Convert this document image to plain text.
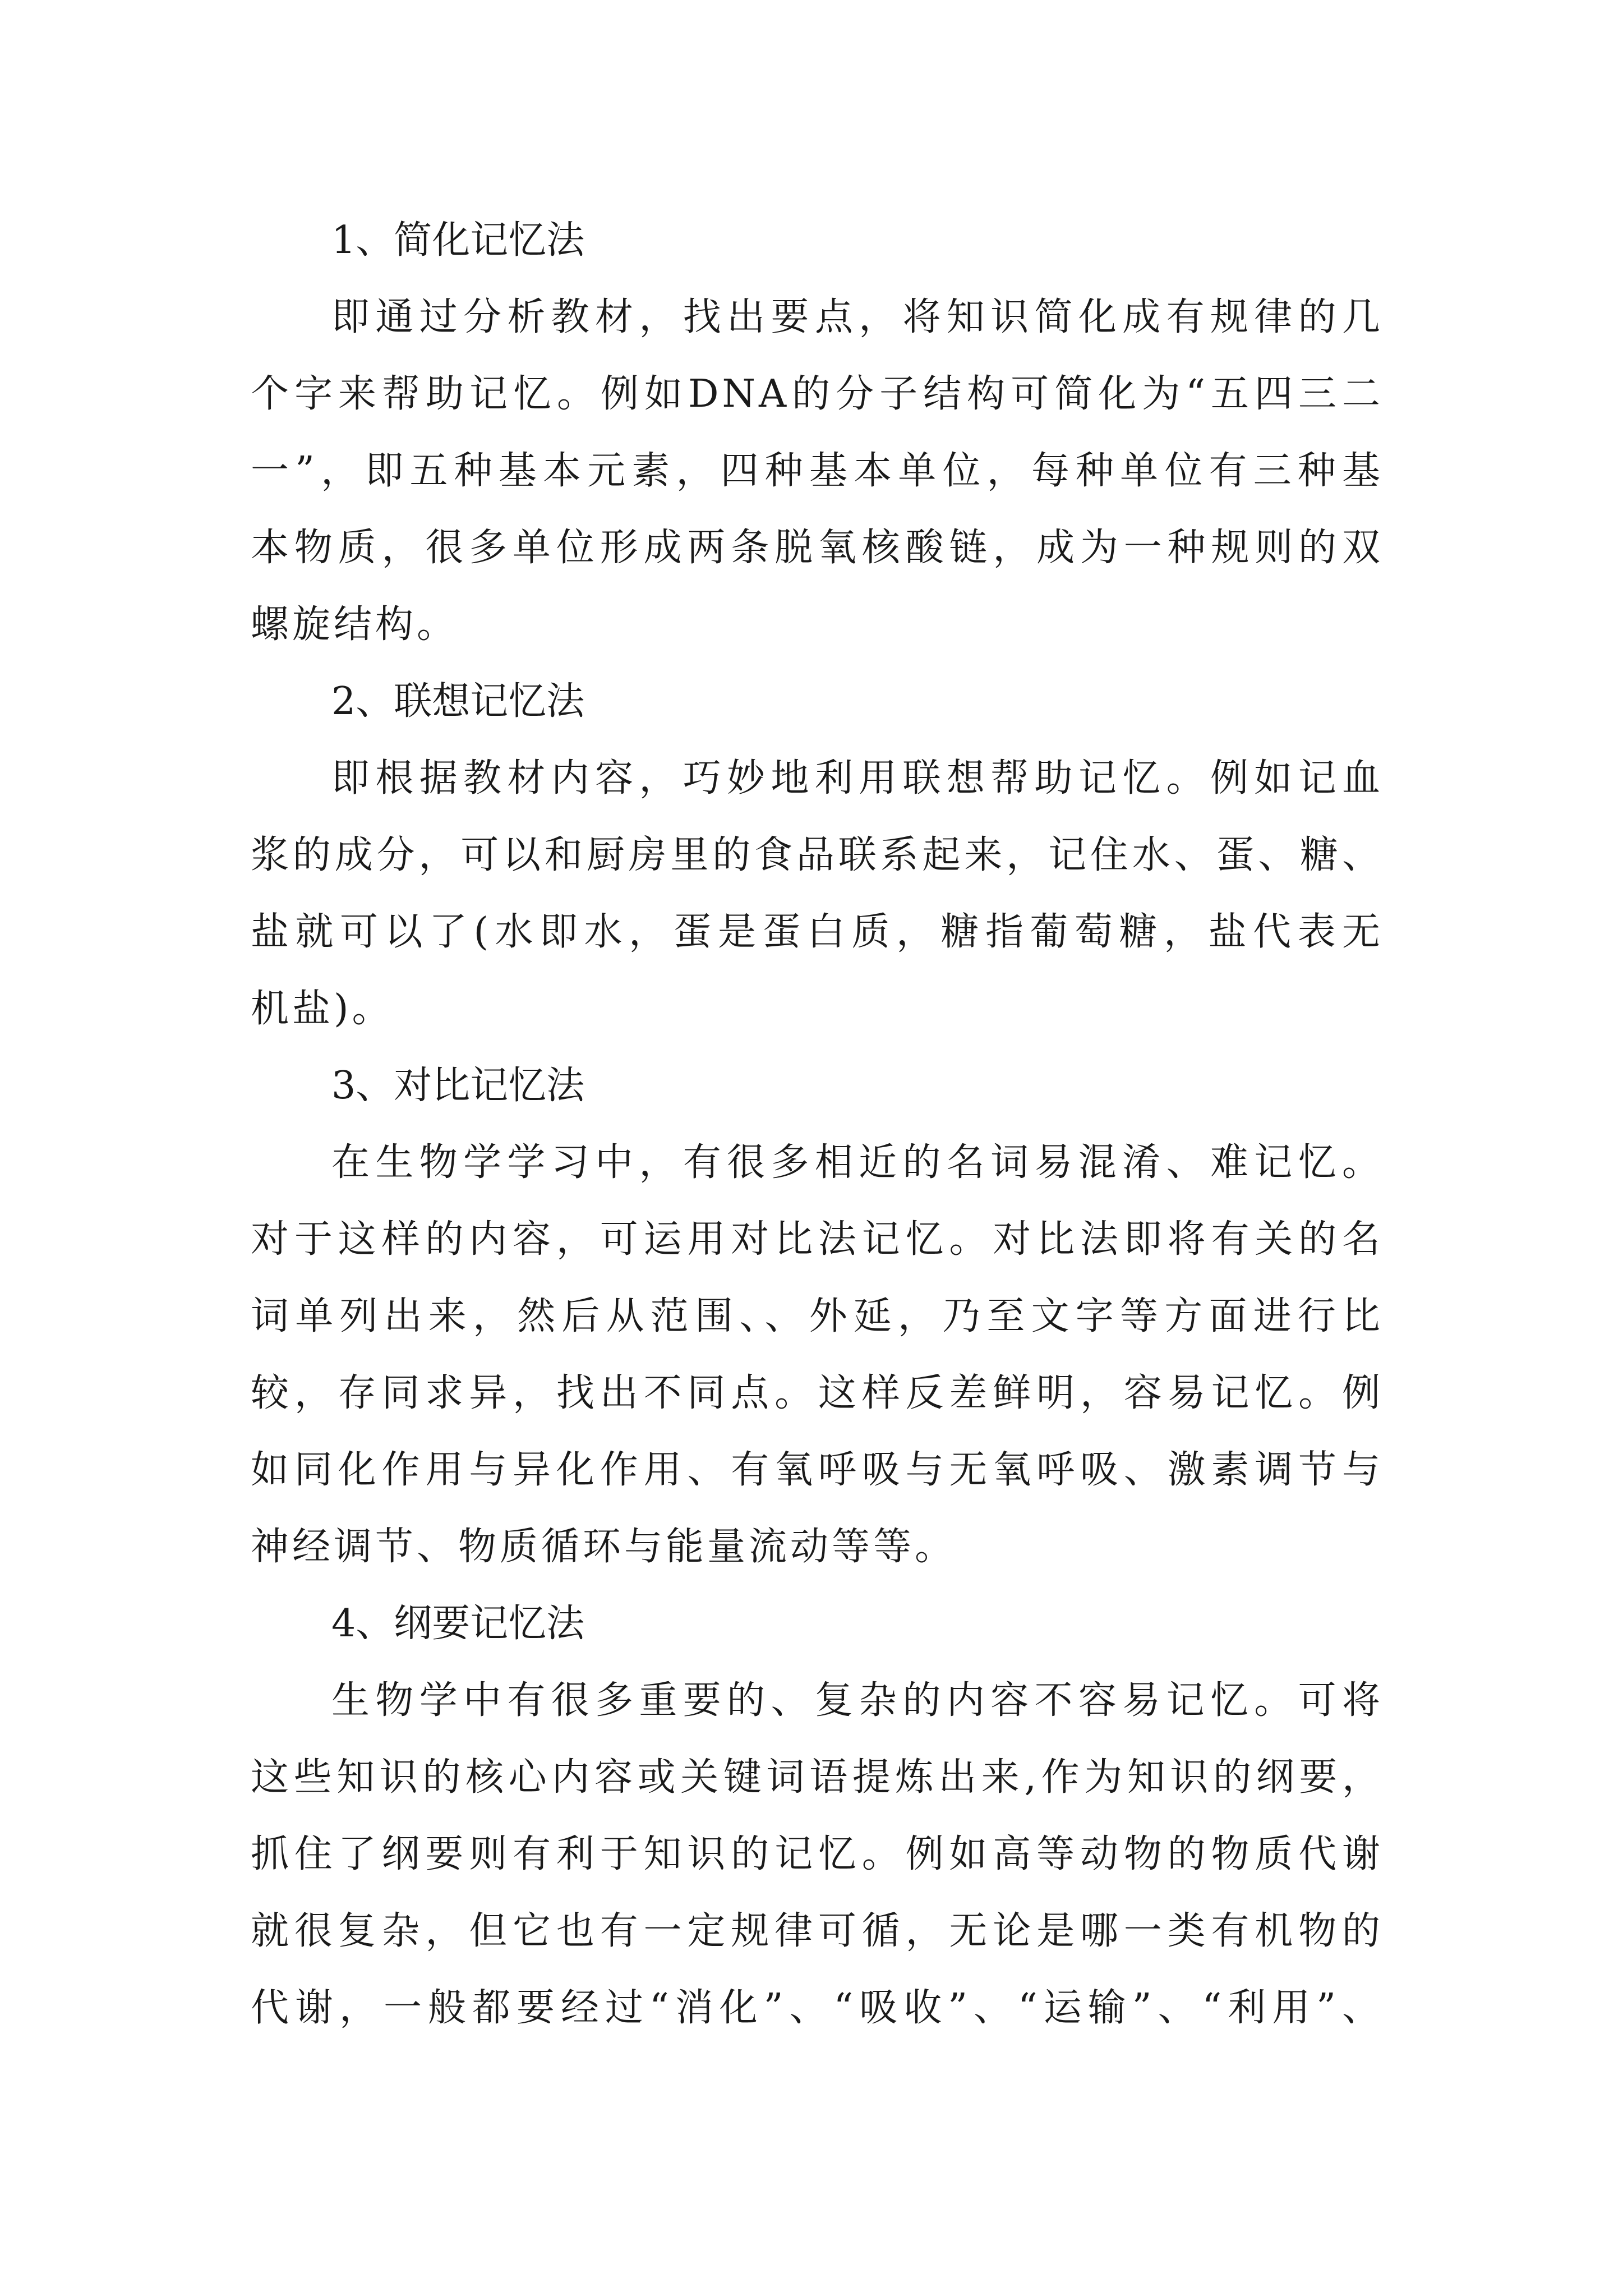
1、简化记忆法

即通过分析教材，找出要点，将知识简化成有规律的几
个字来帮助记忆。例如DNA的分子结构可简化为“五四三二
一”，即五种基本元素，四种基本单位，每种单位有三种基
本物质，很多单位形成两条脱氧核酸链，成为一种规则的双
螺旋结构。

2、联想记忆法

即根据教材内容，巧妙地利用联想帮助记忆。例如记血
浆的成分，可以和厨房里的食品联系起来，记住水、蛋、糖、
盐就可以了(水即水，蛋是蛋白质，糖指葡萄糖，盐代表无
机盐)。

3、对比记忆法

在生物学学习中，有很多相近的名词易混淆、难记忆。
对于这样的内容，可运用对比法记忆。对比法即将有关的名
词单列出来，然后从范围、、外延，乃至文字等方面进行比
较，存同求异，找出不同点。这样反差鲜明，容易记忆。例
如同化作用与异化作用、有氧呼吸与无氧呼吸、激素调节与
神经调节、物质循环与能量流动等等。

4、纲要记忆法

生物学中有很多重要的、复杂的内容不容易记忆。可将
这些知识的核心内容或关键词语提炼出来,作为知识的纲要，
抓住了纲要则有利于知识的记忆。例如高等动物的物质代谢
就很复杂，但它也有一定规律可循，无论是哪一类有机物的
代谢，一般都要经过“消化”、“吸收”、“运输”、“利用”、
